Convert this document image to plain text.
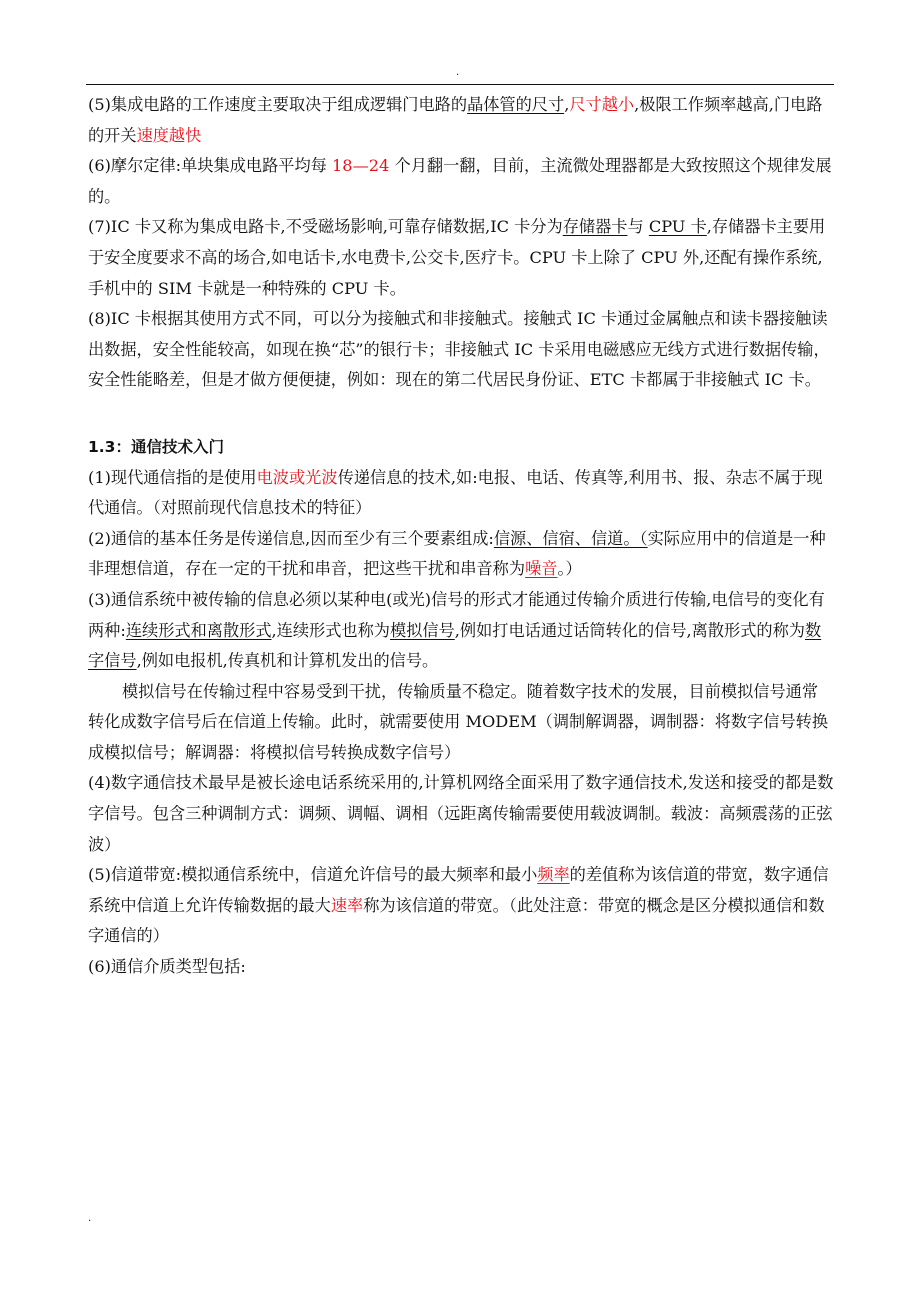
.

(5)集成电路的工作速度主要取决于组成逻辑门电路的晶体管的尺寸,尺寸越小,极限工作频率越高,门电路的开关速度越快

(6)摩尔定律:单块集成电路平均每 18—24 个月翻一翻，目前，主流微处理器都是大致按照这个规律发展的。

(7)IC 卡又称为集成电路卡,不受磁场影响,可靠存储数据,IC 卡分为存储器卡与 CPU 卡,存储器卡主要用于安全度要求不高的场合,如电话卡,水电费卡,公交卡,医疗卡。CPU 卡上除了 CPU 外,还配有操作系统,手机中的 SIM 卡就是一种特殊的 CPU 卡。

(8)IC 卡根据其使用方式不同，可以分为接触式和非接触式。接触式 IC 卡通过金属触点和读卡器接触读出数据，安全性能较高，如现在换“芯”的银行卡；非接触式 IC 卡采用电磁感应无线方式进行数据传输，安全性能略差，但是才做方便便捷，例如：现在的第二代居民身份证、ETC 卡都属于非接触式 IC 卡。

1.3：通信技术入门

(1)现代通信指的是使用电波或光波传递信息的技术,如:电报、电话、传真等,利用书、报、杂志不属于现代通信。（对照前现代信息技术的特征）

(2)通信的基本任务是传递信息,因而至少有三个要素组成:信源、信宿、信道。（实际应用中的信道是一种非理想信道，存在一定的干扰和串音，把这些干扰和串音称为噪音。）

(3)通信系统中被传输的信息必须以某种电(或光)信号的形式才能通过传输介质进行传输,电信号的变化有两种:连续形式和离散形式,连续形式也称为模拟信号,例如打电话通过话筒转化的信号,离散形式的称为数字信号,例如电报机,传真机和计算机发出的信号。

模拟信号在传输过程中容易受到干扰，传输质量不稳定。随着数字技术的发展，目前模拟信号通常转化成数字信号后在信道上传输。此时，就需要使用 MODEM（调制解调器，调制器：将数字信号转换成模拟信号；解调器：将模拟信号转换成数字信号）

(4)数字通信技术最早是被长途电话系统采用的,计算机网络全面采用了数字通信技术,发送和接受的都是数字信号。包含三种调制方式：调频、调幅、调相（远距离传输需要使用载波调制。载波：高频震荡的正弦波）

(5)信道带宽:模拟通信系统中，信道允许信号的最大频率和最小频率的差值称为该信道的带宽，数字通信系统中信道上允许传输数据的最大速率称为该信道的带宽。（此处注意：带宽的概念是区分模拟通信和数字通信的）

(6)通信介质类型包括:

.
